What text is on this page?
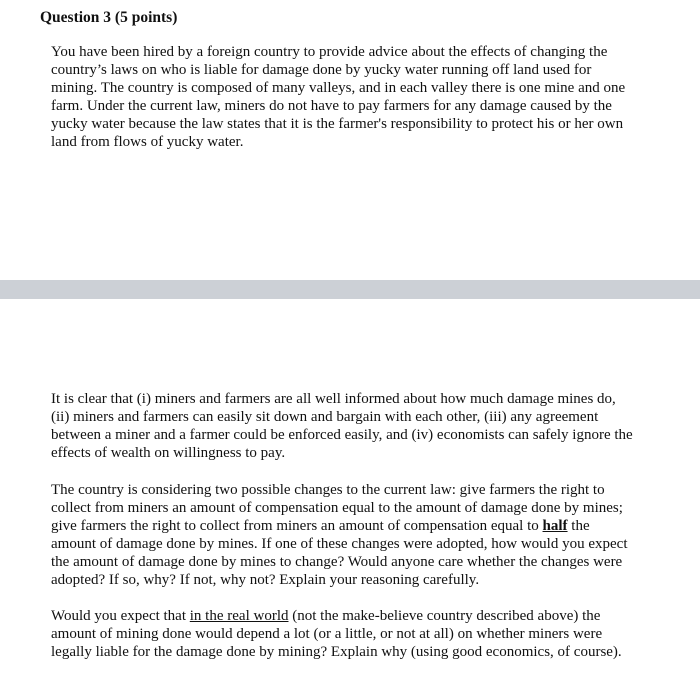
Question 3 (5 points)
You have been hired by a foreign country to provide advice about the effects of changing the
country’s laws on who is liable for damage done by yucky water running off land used for
mining. The country is composed of many valleys, and in each valley there is one mine and one
farm. Under the current law, miners do not have to pay farmers for any damage caused by the
yucky water because the law states that it is the farmer's responsibility to protect his or her own
land from flows of yucky water.
It is clear that (i) miners and farmers are all well informed about how much damage mines do,
(ii) miners and farmers can easily sit down and bargain with each other, (iii) any agreement
between a miner and a farmer could be enforced easily, and (iv) economists can safely ignore the
effects of wealth on willingness to pay.
The country is considering two possible changes to the current law: give farmers the right to
collect from miners an amount of compensation equal to the amount of damage done by mines;
give farmers the right to collect from miners an amount of compensation equal to half the
amount of damage done by mines. If one of these changes were adopted, how would you expect
the amount of damage done by mines to change? Would anyone care whether the changes were
adopted? If so, why? If not, why not? Explain your reasoning carefully.
Would you expect that in the real world (not the make-believe country described above) the
amount of mining done would depend a lot (or a little, or not at all) on whether miners were
legally liable for the damage done by mining? Explain why (using good economics, of course).
